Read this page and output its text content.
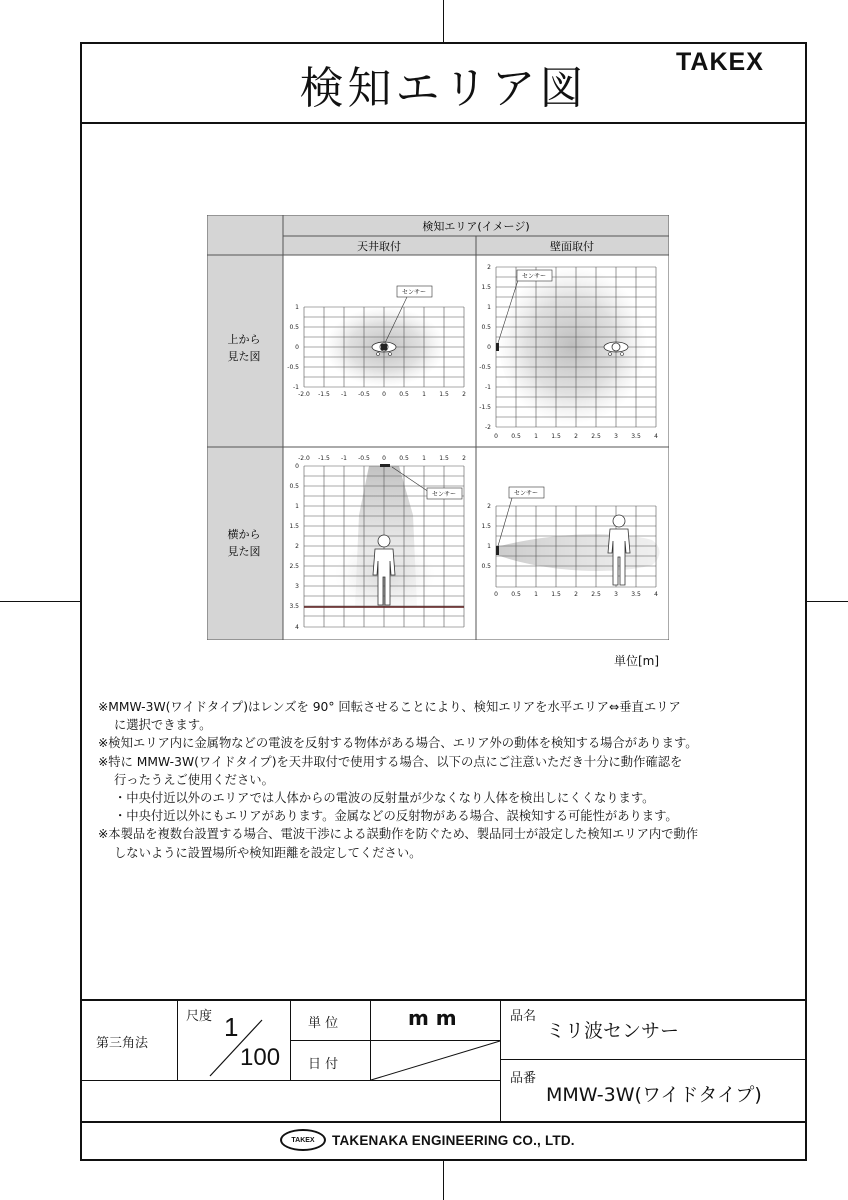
検知エリア図
TAKEX
検知エリア(イメージ)
天井取付	壁面取付
上から
見た図
横から
見た図
-2.0 -1.5 -1 -0.5 0 0.5 1 1.5 2
1
0.5
0
-0.5
-1
センサー
0 0.5 1 1.5 2 2.5 3 3.5 4
2
1.5
1
0.5
0
-0.5
-1
-1.5
-2
センサー
-2.0 -1.5 -1 -0.5 0 0.5 1 1.5 2
0
0.5
1
1.5
2
2.5
3
3.5
4
センサー
0 0.5 1 1.5 2 2.5 3 3.5 4
2
1.5
1
0.5
センサー
単位[m]
※MMW-3W(ワイドタイプ)はレンズを 90° 回転させることにより、検知エリアを水平エリア⇔垂直エリア
に選択できます。
※検知エリア内に金属物などの電波を反射する物体がある場合、エリア外の動体を検知する場合があります。
※特に MMW-3W(ワイドタイプ)を天井取付で使用する場合、以下の点にご注意いただき十分に動作確認を
行ったうえご使用ください。
・中央付近以外のエリアでは人体からの電波の反射量が少なくなり人体を検出しにくくなります。
・中央付近以外にもエリアがあります。金属などの反射物がある場合、誤検知する可能性があります。
※本製品を複数台設置する場合、電波干渉による誤動作を防ぐため、製品同士が設定した検知エリア内で動作
しないように設置場所や検知距離を設定してください。
第三角法
尺度 1
100
単 位	m m
日 付
品名
ミリ波センサー
品番
MMW-3W(ワイドタイプ)
TAKEX TAKENAKA ENGINEERING CO., LTD.
